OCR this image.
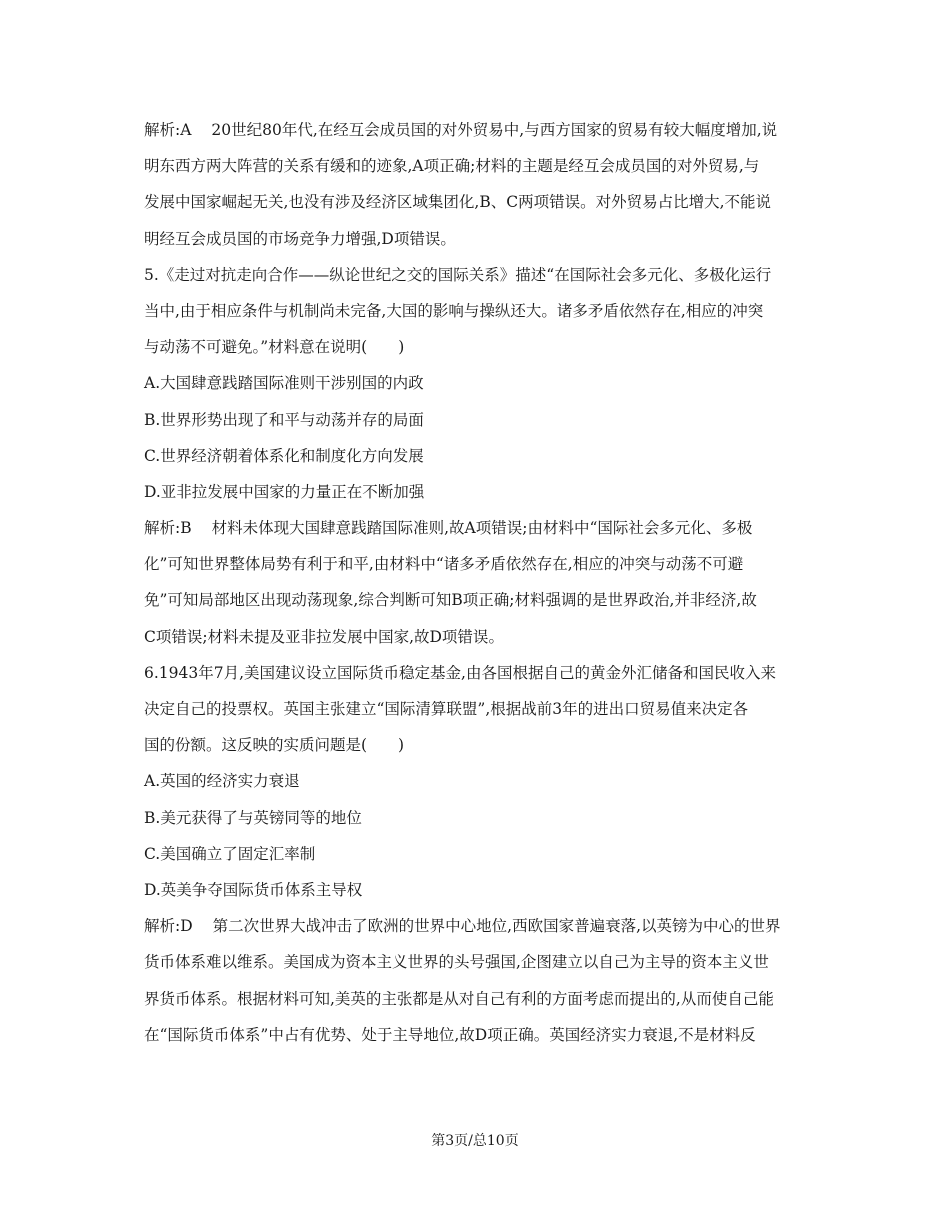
解析:A 20世纪80年代,在经互会成员国的对外贸易中,与西方国家的贸易有较大幅度增加,说
明东西方两大阵营的关系有缓和的迹象,A项正确;材料的主题是经互会成员国的对外贸易,与
发展中国家崛起无关,也没有涉及经济区域集团化,B、C两项错误。对外贸易占比增大,不能说
明经互会成员国的市场竞争力增强,D项错误。
5.《走过对抗走向合作——纵论世纪之交的国际关系》描述“在国际社会多元化、多极化运行
当中,由于相应条件与机制尚未完备,大国的影响与操纵还大。诸多矛盾依然存在,相应的冲突
与动荡不可避免。”材料意在说明(　　)
A.大国肆意践踏国际准则干涉别国的内政
B.世界形势出现了和平与动荡并存的局面
C.世界经济朝着体系化和制度化方向发展
D.亚非拉发展中国家的力量正在不断加强
解析:B 材料未体现大国肆意践踏国际准则,故A项错误;由材料中“国际社会多元化、多极
化”可知世界整体局势有利于和平,由材料中“诸多矛盾依然存在,相应的冲突与动荡不可避
免”可知局部地区出现动荡现象,综合判断可知B项正确;材料强调的是世界政治,并非经济,故
C项错误;材料未提及亚非拉发展中国家,故D项错误。
6.1943年7月,美国建议设立国际货币稳定基金,由各国根据自己的黄金外汇储备和国民收入来
决定自己的投票权。英国主张建立“国际清算联盟”,根据战前3年的进出口贸易值来决定各
国的份额。这反映的实质问题是(　　)
A.英国的经济实力衰退
B.美元获得了与英镑同等的地位
C.美国确立了固定汇率制
D.英美争夺国际货币体系主导权
解析:D 第二次世界大战冲击了欧洲的世界中心地位,西欧国家普遍衰落,以英镑为中心的世界
货币体系难以维系。美国成为资本主义世界的头号强国,企图建立以自己为主导的资本主义世
界货币体系。根据材料可知,美英的主张都是从对自己有利的方面考虑而提出的,从而使自己能
在“国际货币体系”中占有优势、处于主导地位,故D项正确。英国经济实力衰退,不是材料反
第3页/总10页
